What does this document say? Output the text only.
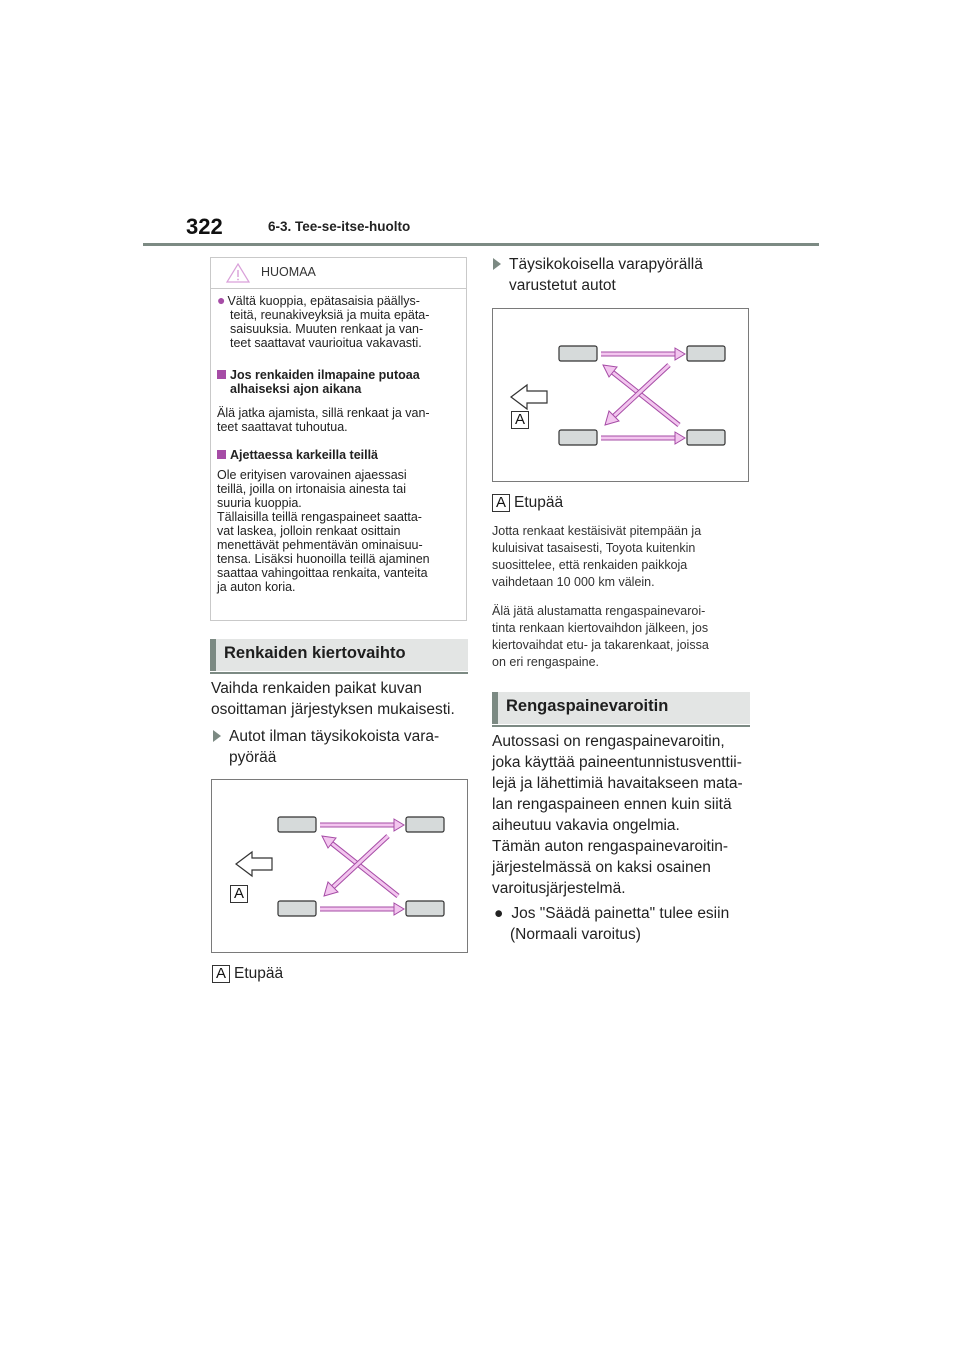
322	6-3. Tee-se-itse-huolto
HUOMAA
● Vältä kuoppia, epätasaisia päällys-
teitä, reunakiveyksiä ja muita epäta-
saisuuksia. Muuten renkaat ja van-
teet saattavat vaurioitua vakavasti.
Jos renkaiden ilmapaine putoaa
alhaiseksi ajon aikana
Älä jatka ajamista, sillä renkaat ja van-
teet saattavat tuhoutua.
Ajettaessa karkeilla teillä
Ole erityisen varovainen ajaessasi
teillä, joilla on irtonaisia ainesta tai
suuria kuoppia.
Tällaisilla teillä rengaspaineet saatta-
vat laskea, jolloin renkaat osittain
menettävät pehmentävän ominaisuu-
tensa. Lisäksi huonoilla teillä ajaminen
saattaa vahingoittaa renkaita, vanteita
ja auton koria.
Renkaiden kiertovaihto
Vaihda renkaiden paikat kuvan
osoittaman järjestyksen mukaisesti.
Autot ilman täysikokoista vara-
pyörää
A
A Etupää
Täysikokoisella varapyörällä
varustetut autot
A
A Etupää
Jotta renkaat kestäisivät pitempään ja
kuluisivat tasaisesti, Toyota kuitenkin
suosittelee, että renkaiden paikkoja
vaihdetaan 10 000 km välein.
Älä jätä alustamatta rengaspainevaroi-
tinta renkaan kiertovaihdon jälkeen, jos
kiertovaihdat etu- ja takarenkaat, joissa
on eri rengaspaine.
Rengaspainevaroitin
Autossasi on rengaspainevaroitin,
joka käyttää paineentunnistusventtii-
lejä ja lähettimiä havaitakseen mata-
lan rengaspaineen ennen kuin siitä
aiheutuu vakavia ongelmia.
Tämän auton rengaspainevaroitin-
järjestelmässä on kaksi osainen
varoitusjärjestelmä.
● Jos "Säädä painetta" tulee esiin
(Normaali varoitus)
